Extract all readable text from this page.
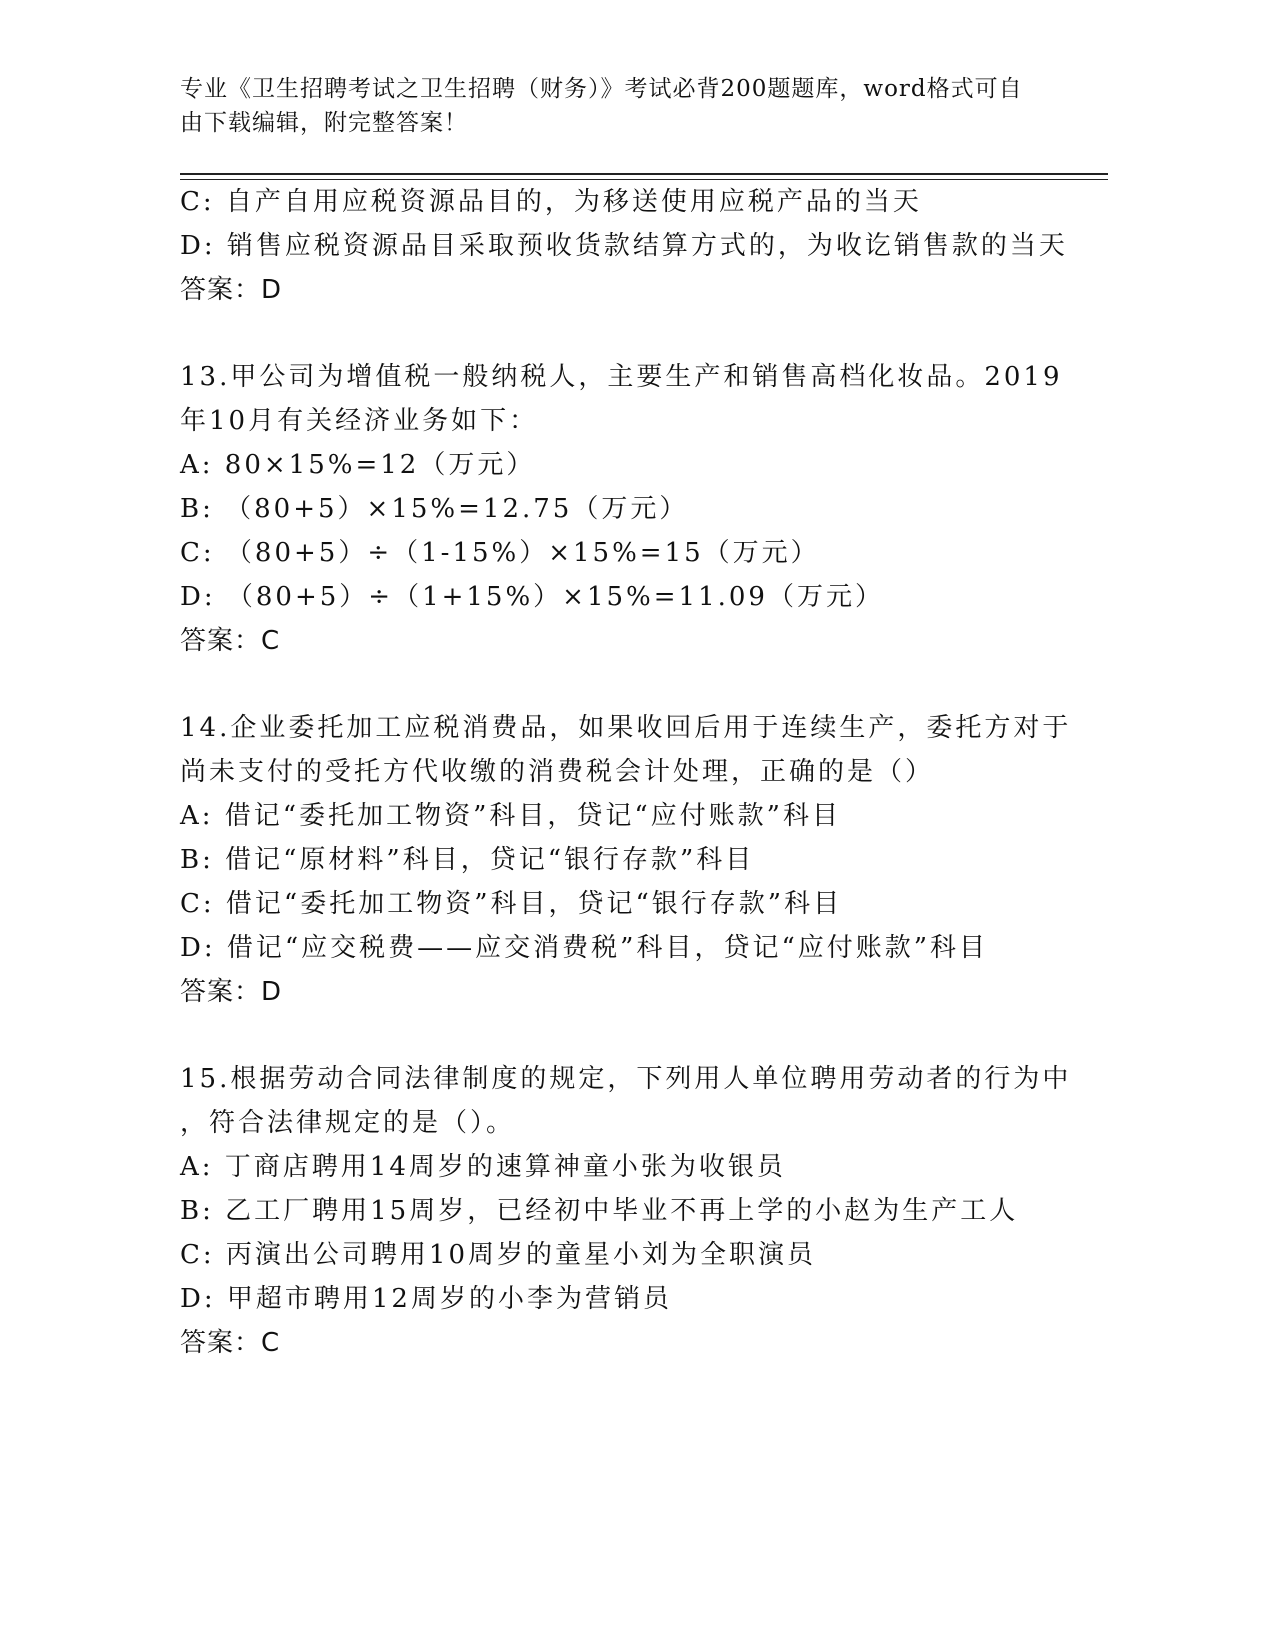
专业《卫生招聘考试之卫生招聘（财务）》考试必背200题题库，word格式可自
由下载编辑，附完整答案！
C: 自产自用应税资源品目的，为移送使用应税产品的当天
D: 销售应税资源品目采取预收货款结算方式的，为收讫销售款的当天
答案：D
13.甲公司为增值税一般纳税人，主要生产和销售高档化妆品。2019
年10月有关经济业务如下：
A: 80×15%=12（万元）
B: （80+5）×15%=12.75（万元）
C: （80+5）÷（1-15%）×15%=15（万元）
D: （80+5）÷（1+15%）×15%=11.09（万元）
答案：C
14.企业委托加工应税消费品，如果收回后用于连续生产，委托方对于
尚未支付的受托方代收缴的消费税会计处理，正确的是（）
A: 借记“委托加工物资”科目，贷记“应付账款”科目
B: 借记“原材料”科目，贷记“银行存款”科目
C: 借记“委托加工物资”科目，贷记“银行存款”科目
D: 借记“应交税费——应交消费税”科目，贷记“应付账款”科目
答案：D
15.根据劳动合同法律制度的规定，下列用人单位聘用劳动者的行为中
，符合法律规定的是（）。
A: 丁商店聘用14周岁的速算神童小张为收银员
B: 乙工厂聘用15周岁，已经初中毕业不再上学的小赵为生产工人
C: 丙演出公司聘用10周岁的童星小刘为全职演员
D: 甲超市聘用12周岁的小李为营销员
答案：C
